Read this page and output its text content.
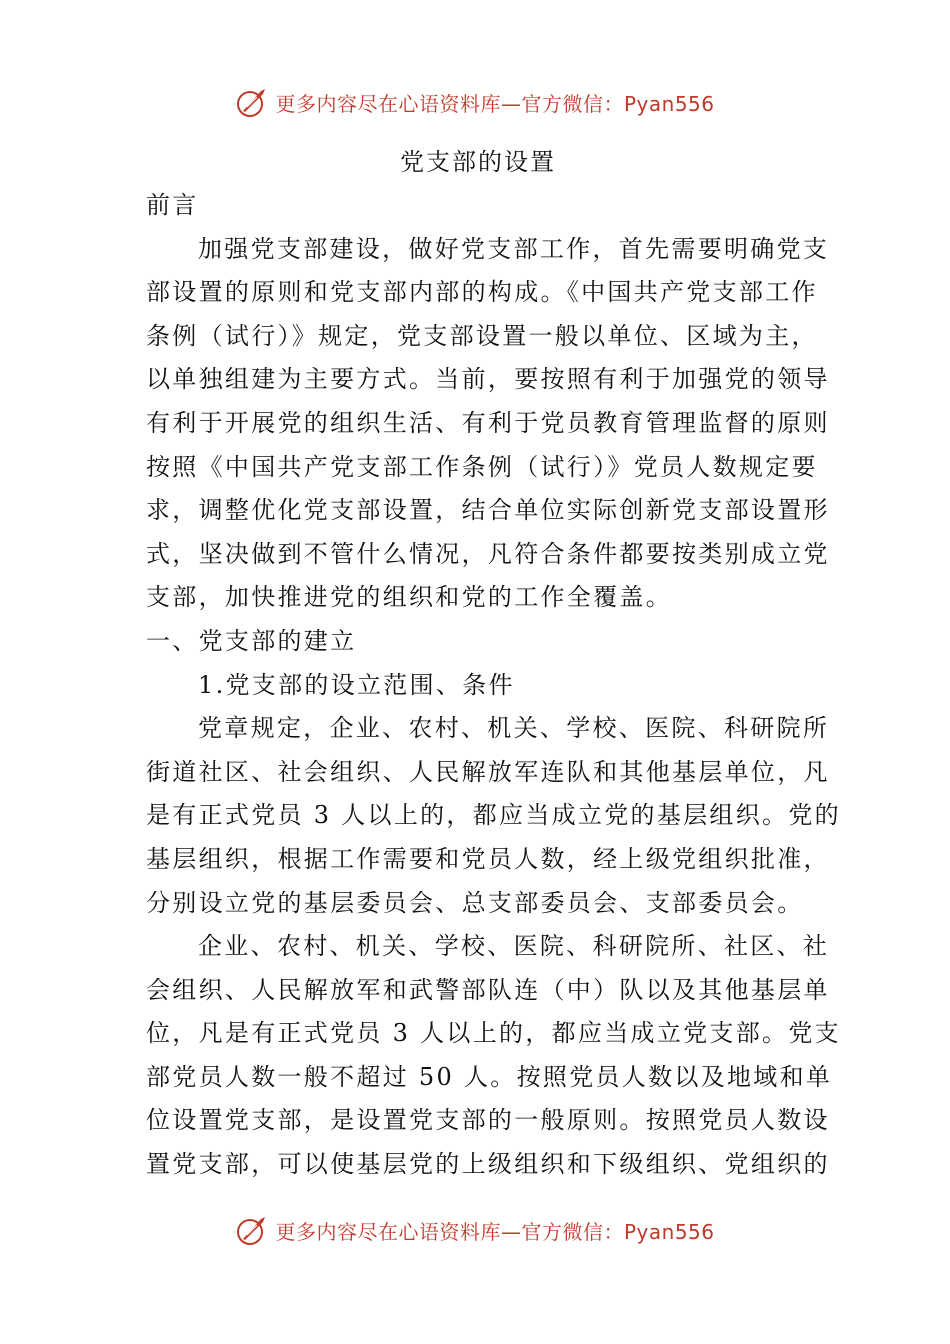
更多内容尽在心语资料库—官方微信：Pyan556
党支部的设置
前言
加强党支部建设，做好党支部工作，首先需要明确党支
部设置的原则和党支部内部的构成。《中国共产党支部工作
条例（试行）》规定，党支部设置一般以单位、区域为主，
以单独组建为主要方式。当前，要按照有利于加强党的领导
有利于开展党的组织生活、有利于党员教育管理监督的原则
按照《中国共产党支部工作条例（试行）》党员人数规定要
求，调整优化党支部设置，结合单位实际创新党支部设置形
式，坚决做到不管什么情况，凡符合条件都要按类别成立党
支部，加快推进党的组织和党的工作全覆盖。
一、党支部的建立
1.党支部的设立范围、条件
党章规定，企业、农村、机关、学校、医院、科研院所
街道社区、社会组织、人民解放军连队和其他基层单位，凡
是有正式党员 3 人以上的，都应当成立党的基层组织。党的
基层组织，根据工作需要和党员人数，经上级党组织批准，
分别设立党的基层委员会、总支部委员会、支部委员会。
企业、农村、机关、学校、医院、科研院所、社区、社
会组织、人民解放军和武警部队连（中）队以及其他基层单
位，凡是有正式党员 3 人以上的，都应当成立党支部。党支
部党员人数一般不超过 50 人。按照党员人数以及地域和单
位设置党支部，是设置党支部的一般原则。按照党员人数设
置党支部，可以使基层党的上级组织和下级组织、党组织的
更多内容尽在心语资料库—官方微信：Pyan556
